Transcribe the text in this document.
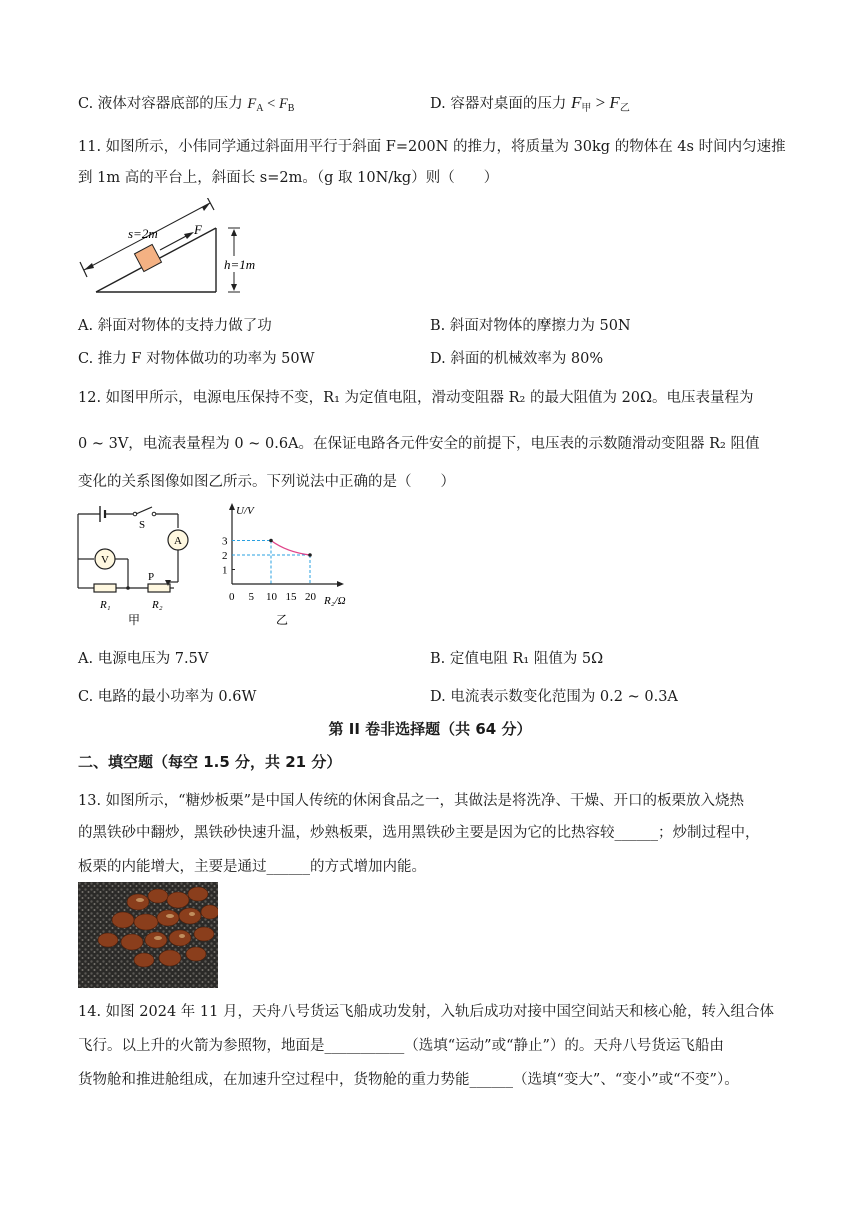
C. 液体对容器底部的压力 $F_A < F_B$	D. 容器对桌面的压力 $F_甲 > F_乙$
11. 如图所示，小伟同学通过斜面用平行于斜面 F=200N 的推力，将质量为 30kg 的物体在 4s 时间内匀速推
到 1m 高的平台上，斜面长 s=2m。（g 取 10N/kg）则（　　）
s=2m	F
h=1m
A. 斜面对物体的支持力做了功	B. 斜面对物体的摩擦力为 50N
C. 推力 F 对物体做功的功率为 50W	D. 斜面的机械效率为 80%
12. 如图甲所示，电源电压保持不变，R₁ 为定值电阻，滑动变阻器 R₂ 的最大阻值为 20Ω。电压表量程为
0 ~ 3V，电流表量程为 0 ~ 0.6A。在保证电路各元件安全的前提下，电压表的示数随滑动变阻器 R₂ 阻值
变化的关系图像如图乙所示。下列说法中正确的是（　　）
S
A
V
P
R₁	R₂
甲
U/V
R₂/Ω
1
2
3
0 5 10 15 20
乙
A. 电源电压为 7.5V	B. 定值电阻 R₁ 阻值为 5Ω
C. 电路的最小功率为 0.6W	D. 电流表示数变化范围为 0.2 ~ 0.3A
第 II 卷非选择题（共 64 分）
二、填空题（每空 1.5 分，共 21 分）
13. 如图所示，“糖炒板栗”是中国人传统的休闲食品之一，其做法是将洗净、干燥、开口的板栗放入烧热
的黑铁砂中翻炒，黑铁砂快速升温，炒熟板栗，选用黑铁砂主要是因为它的比热容较______；炒制过程中，
板栗的内能增大，主要是通过______的方式增加内能。
14. 如图 2024 年 11 月，天舟八号货运飞船成功发射，入轨后成功对接中国空间站天和核心舱，转入组合体
飞行。以上升的火箭为参照物，地面是___________（选填“运动”或“静止”）的。天舟八号货运飞船由
货物舱和推进舱组成，在加速升空过程中，货物舱的重力势能______（选填“变大”、“变小”或“不变”）。
